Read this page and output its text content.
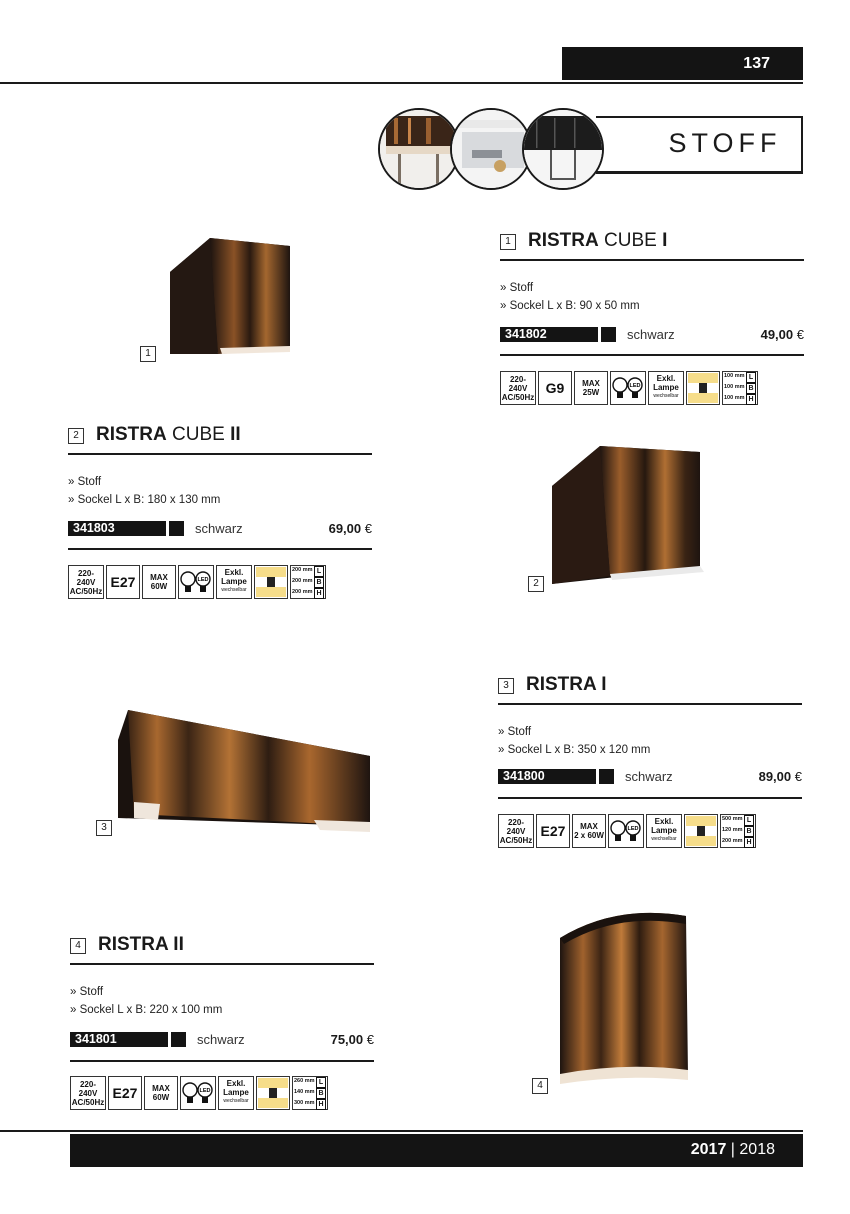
137
STOFF
1
2
3
4
1 RISTRA CUBE I
» Stoff
» Sockel L x B: 90 x 50 mm
341802	schwarz	49,00 €
220-240V
AC/50Hz
G9	MAX
25W
LED
Exkl.
Lampe
wechselbar
100 mm L
100 mm B
100 mm H
2 RISTRA CUBE II
» Stoff
» Sockel L x B: 180 x 130 mm
341803	schwarz	69,00 €
220-240V
AC/50Hz
E27	MAX
60W
LED
Exkl.
Lampe
wechselbar
200 mm L
200 mm B
200 mm H
3 RISTRA I
» Stoff
» Sockel L x B: 350 x 120 mm
341800	schwarz	89,00 €
220-240V
AC/50Hz
E27	MAX
2 x 60W
LED
Exkl.
Lampe
wechselbar
500 mm L
120 mm B
200 mm H
4 RISTRA II
» Stoff
» Sockel L x B: 220 x 100 mm
341801	schwarz	75,00 €
220-240V
AC/50Hz
E27	MAX
60W
LED
Exkl.
Lampe
wechselbar
260 mm L
140 mm B
300 mm H
2017 | 2018
